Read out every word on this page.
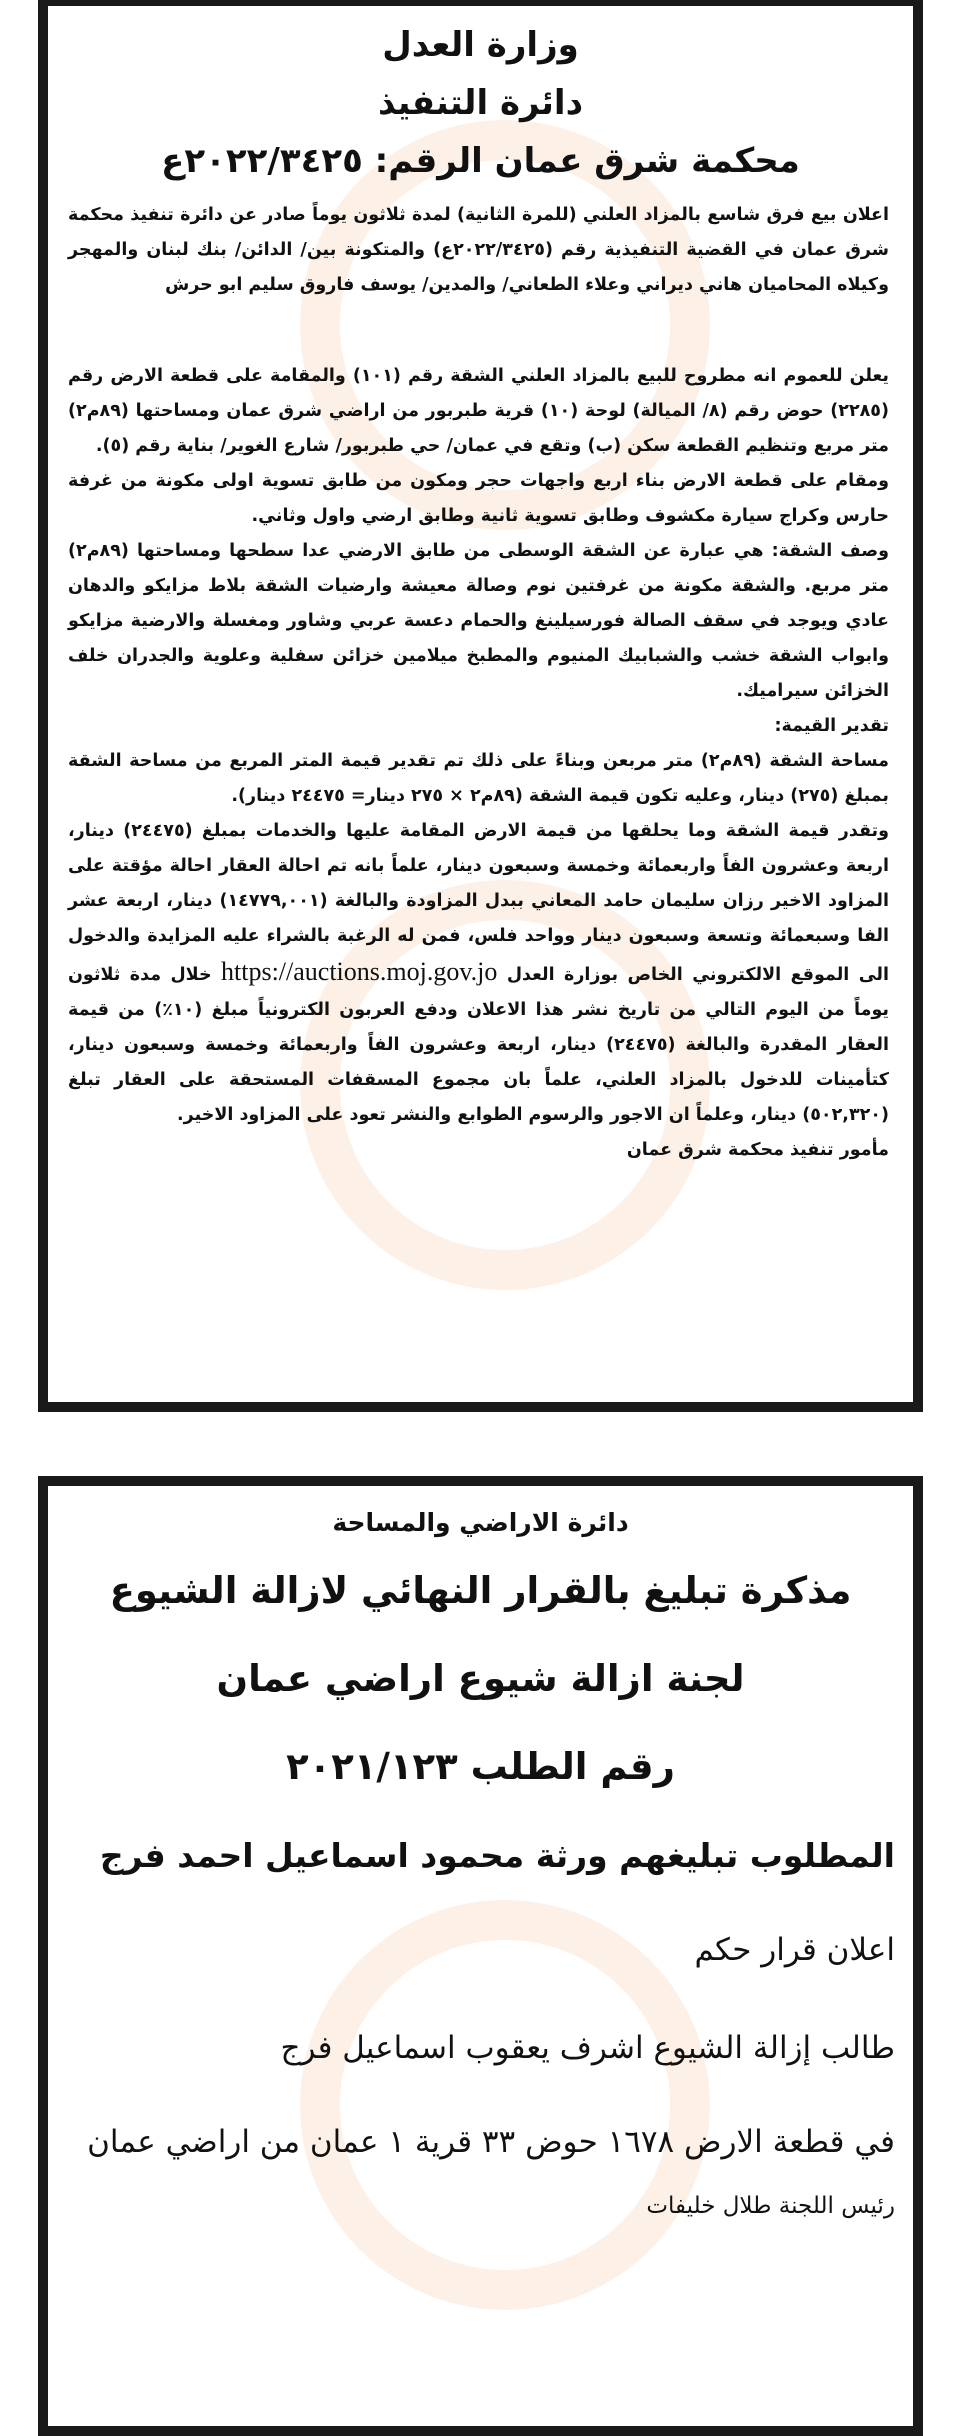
وزارة العدل
دائرة التنفيذ
محكمة شرق عمان الرقم: ٢٠٢٢/٣٤٢٥ع

اعلان بيع فرق شاسع بالمزاد العلني (للمرة الثانية) لمدة ثلاثون يوماً صادر عن دائرة تنفيذ محكمة شرق عمان في القضية التنفيذية رقم (٢٠٢٢/٣٤٢٥ع) والمتكونة بين/ الدائن/ بنك لبنان والمهجر وكيلاه المحاميان هاني ديراني وعلاء الطعاني/ والمدين/ يوسف فاروق سليم ابو حرش

يعلن للعموم انه مطروح للبيع بالمزاد العلني الشقة رقم (١٠١) والمقامة على قطعة الارض رقم (٢٢٨٥) حوض رقم (٨/ الميالة) لوحة (١٠) قرية طبربور من اراضي شرق عمان ومساحتها (٨٩م٢) متر مربع وتنظيم القطعة سكن (ب) وتقع في عمان/ حي طبربور/ شارع الغوير/ بناية رقم (٥).

ومقام على قطعة الارض بناء اربع واجهات حجر ومكون من طابق تسوية اولى مكونة من غرفة حارس وكراج سيارة مكشوف وطابق تسوية ثانية وطابق ارضي واول وثاني.

وصف الشقة: هي عبارة عن الشقة الوسطى من طابق الارضي عدا سطحها ومساحتها (٨٩م٢) متر مربع. والشقة مكونة من غرفتين نوم وصالة معيشة وارضيات الشقة بلاط مزايكو والدهان عادي ويوجد في سقف الصالة فورسيلينغ والحمام دعسة عربي وشاور ومغسلة والارضية مزايكو وابواب الشقة خشب والشبابيك المنيوم والمطبخ ميلامين خزائن سفلية وعلوية والجدران خلف الخزائن سيراميك.

تقدير القيمة:

مساحة الشقة (٨٩م٢) متر مربعن وبناءً على ذلك تم تقدير قيمة المتر المربع من مساحة الشقة بمبلغ (٢٧٥) دينار، وعليه تكون قيمة الشقة (٨٩م٢ × ٢٧٥ دينار= ٢٤٤٧٥ دينار).

وتقدر قيمة الشقة وما يحلقها من قيمة الارض المقامة عليها والخدمات بمبلغ (٢٤٤٧٥) دينار، اربعة وعشرون الفاً واربعمائة وخمسة وسبعون دينار، علماً بانه تم احالة العقار احالة مؤقتة على المزاود الاخير رزان سليمان حامد المعاني ببدل المزاودة والبالغة (١٤٧٧٩,٠٠١) دينار، اربعة عشر الفا وسبعمائة وتسعة وسبعون دينار وواحد فلس، فمن له الرغبة بالشراء عليه المزايدة والدخول الى الموقع الالكتروني الخاص بوزارة العدل https://auctions.moj.gov.jo خلال مدة ثلاثون يوماً من اليوم التالي من تاريخ نشر هذا الاعلان ودفع العربون الكترونياً مبلغ (١٠٪) من قيمة العقار المقدرة والبالغة (٢٤٤٧٥) دينار، اربعة وعشرون الفاً واربعمائة وخمسة وسبعون دينار، كتأمينات للدخول بالمزاد العلني، علماً بان مجموع المسقفات المستحقة على العقار تبلغ (٥٠٢,٣٢٠) دينار، وعلماً ان الاجور والرسوم الطوابع والنشر تعود على المزاود الاخير.

مأمور تنفيذ محكمة شرق عمان

دائرة الاراضي والمساحة

مذكرة تبليغ بالقرار النهائي لازالة الشيوع

لجنة ازالة شيوع اراضي عمان

رقم الطلب ٢٠٢١/١٢٣

المطلوب تبليغهم ورثة محمود اسماعيل احمد فرج

اعلان قرار حكم

طالب إزالة الشيوع اشرف يعقوب اسماعيل فرج

في قطعة الارض ١٦٧٨ حوض ٣٣ قرية ١ عمان من اراضي عمان

رئيس اللجنة طلال خليفات
